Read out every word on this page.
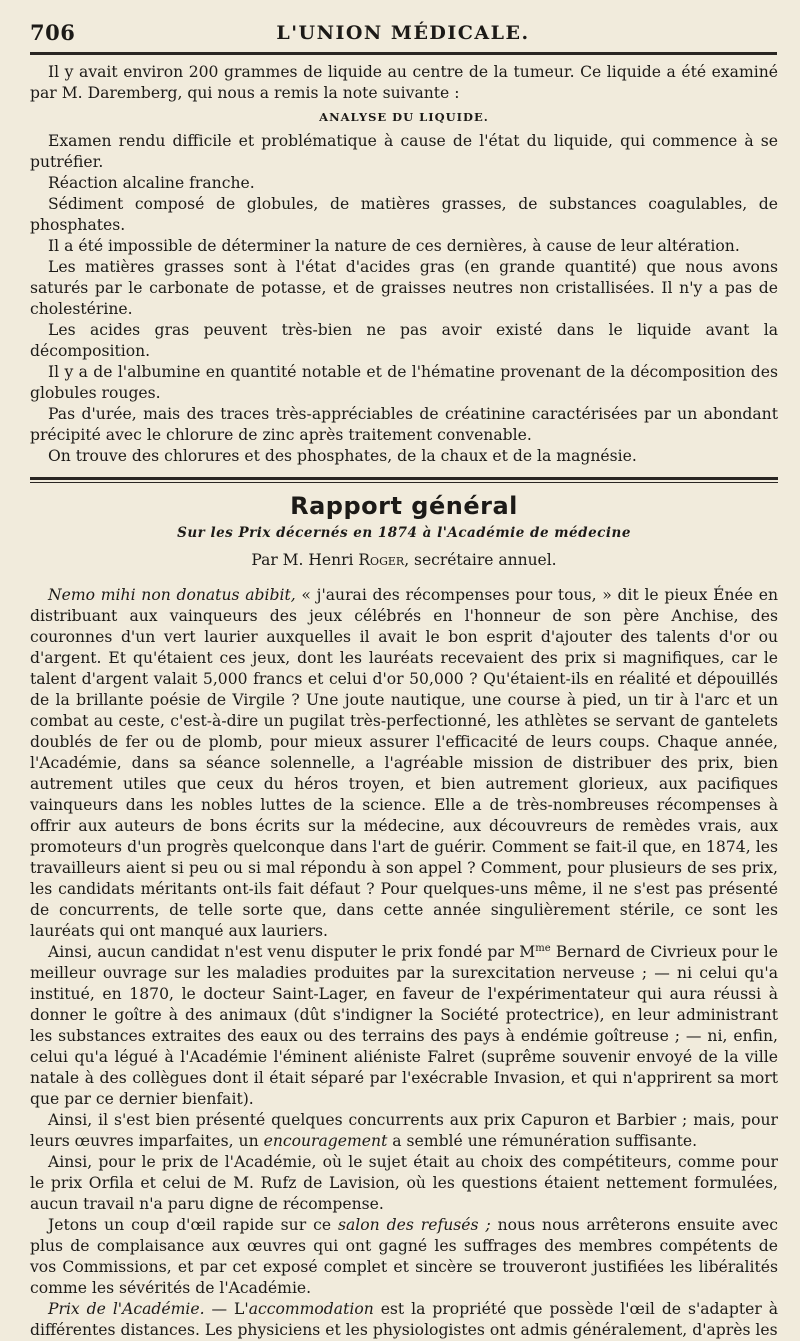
706	L'UNION MÉDICALE.

Il y avait environ 200 grammes de liquide au centre de la tumeur. Ce liquide a été examiné par M. Daremberg, qui nous a remis la note suivante :

ANALYSE DU LIQUIDE.

Examen rendu difficile et problématique à cause de l'état du liquide, qui commence à se putréfier.

Réaction alcaline franche.

Sédiment composé de globules, de matières grasses, de substances coagulables, de phosphates.

Il a été impossible de déterminer la nature de ces dernières, à cause de leur altération.

Les matières grasses sont à l'état d'acides gras (en grande quantité) que nous avons saturés par le carbonate de potasse, et de graisses neutres non cristallisées. Il n'y a pas de cholestérine.

Les acides gras peuvent très-bien ne pas avoir existé dans le liquide avant la décomposition.

Il y a de l'albumine en quantité notable et de l'hématine provenant de la décomposition des globules rouges.

Pas d'urée, mais des traces très-appréciables de créatinine caractérisées par un abondant précipité avec le chlorure de zinc après traitement convenable.

On trouve des chlorures et des phosphates, de la chaux et de la magnésie.

Rapport général

Sur les Prix décernés en 1874 à l'Académie de médecine

Par M. Henri Roger, secrétaire annuel.

Nemo mihi non donatus abibit, « j'aurai des récompenses pour tous, » dit le pieux Énée en distribuant aux vainqueurs des jeux célébrés en l'honneur de son père Anchise, des couronnes d'un vert laurier auxquelles il avait le bon esprit d'ajouter des talents d'or ou d'argent. Et qu'étaient ces jeux, dont les lauréats recevaient des prix si magnifiques, car le talent d'argent valait 5,000 francs et celui d'or 50,000 ? Qu'étaient-ils en réalité et dépouillés de la brillante poésie de Virgile ? Une joute nautique, une course à pied, un tir à l'arc et un combat au ceste, c'est-à-dire un pugilat très-perfectionné, les athlètes se servant de gantelets doublés de fer ou de plomb, pour mieux assurer l'efficacité de leurs coups. Chaque année, l'Académie, dans sa séance solennelle, a l'agréable mission de distribuer des prix, bien autrement utiles que ceux du héros troyen, et bien autrement glorieux, aux pacifiques vainqueurs dans les nobles luttes de la science. Elle a de très-nombreuses récompenses à offrir aux auteurs de bons écrits sur la médecine, aux découvreurs de remèdes vrais, aux promoteurs d'un progrès quelconque dans l'art de guérir. Comment se fait-il que, en 1874, les travailleurs aient si peu ou si mal répondu à son appel ? Comment, pour plusieurs de ses prix, les candidats méritants ont-ils fait défaut ? Pour quelques-uns même, il ne s'est pas présenté de concurrents, de telle sorte que, dans cette année singulièrement stérile, ce sont les lauréats qui ont manqué aux lauriers.

Ainsi, aucun candidat n'est venu disputer le prix fondé par $M^{me}$ Bernard de Civrieux pour le meilleur ouvrage sur les maladies produites par la surexcitation nerveuse ; — ni celui qu'a institué, en 1870, le docteur Saint-Lager, en faveur de l'expérimentateur qui aura réussi à donner le goître à des animaux (dût s'indigner la Société protectrice), en leur administrant les substances extraites des eaux ou des terrains des pays à endémie goîtreuse ; — ni, enfin, celui qu'a légué à l'Académie l'éminent aliéniste Falret (suprême souvenir envoyé de la ville natale à des collègues dont il était séparé par l'exécrable Invasion, et qui n'apprirent sa mort que par ce dernier bienfait).

Ainsi, il s'est bien présenté quelques concurrents aux prix Capuron et Barbier ; mais, pour leurs œuvres imparfaites, un encouragement a semblé une rémunération suffisante.

Ainsi, pour le prix de l'Académie, où le sujet était au choix des compétiteurs, comme pour le prix Orfila et celui de M. Rufz de Lavision, où les questions étaient nettement formulées, aucun travail n'a paru digne de récompense.

Jetons un coup d'œil rapide sur ce salon des refusés ; nous nous arrêterons ensuite avec plus de complaisance aux œuvres qui ont gagné les suffrages des membres compétents de vos Commissions, et par cet exposé complet et sincère se trouveront justifiées les libéralités comme les sévérités de l'Académie.

Prix de l'Académie. — L'accommodation est la propriété que possède l'œil de s'adapter à différentes distances. Les physiciens et les physiologistes ont admis généralement, d'après les
